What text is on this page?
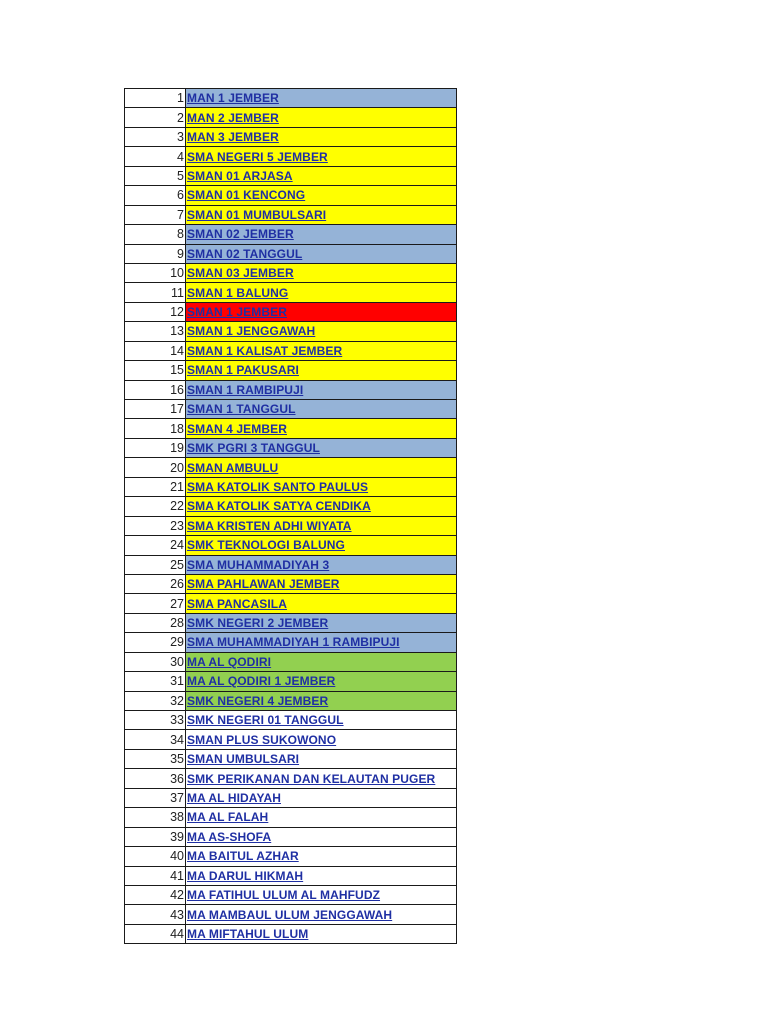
1	MAN 1 JEMBER
2	MAN 2 JEMBER
3	MAN 3 JEMBER
4	SMA NEGERI 5 JEMBER
5	SMAN 01 ARJASA
6	SMAN 01 KENCONG
7	SMAN 01 MUMBULSARI
8	SMAN 02 JEMBER
9	SMAN 02 TANGGUL
10	SMAN 03 JEMBER
11	SMAN 1 BALUNG
12	SMAN 1 JEMBER
13	SMAN 1 JENGGAWAH
14	SMAN 1 KALISAT JEMBER
15	SMAN 1 PAKUSARI
16	SMAN 1 RAMBIPUJI
17	SMAN 1 TANGGUL
18	SMAN 4 JEMBER
19	SMK PGRI 3 TANGGUL
20	SMAN AMBULU
21	SMA KATOLIK SANTO PAULUS
22	SMA KATOLIK SATYA CENDIKA
23	SMA KRISTEN ADHI WIYATA
24	SMK TEKNOLOGI BALUNG
25	SMA MUHAMMADIYAH 3
26	SMA PAHLAWAN JEMBER
27	SMA PANCASILA
28	SMK NEGERI 2 JEMBER
29	SMA MUHAMMADIYAH 1 RAMBIPUJI
30	MA AL QODIRI
31	MA AL QODIRI 1 JEMBER
32	SMK NEGERI 4 JEMBER
33	SMK NEGERI 01 TANGGUL
34	SMAN PLUS SUKOWONO
35	SMAN UMBULSARI
36	SMK PERIKANAN DAN KELAUTAN PUGER
37	MA AL HIDAYAH
38	MA AL FALAH
39	MA AS-SHOFA
40	MA BAITUL AZHAR
41	MA DARUL HIKMAH
42	MA FATIHUL ULUM AL MAHFUDZ
43	MA MAMBAUL ULUM JENGGAWAH
44	MA MIFTAHUL ULUM
